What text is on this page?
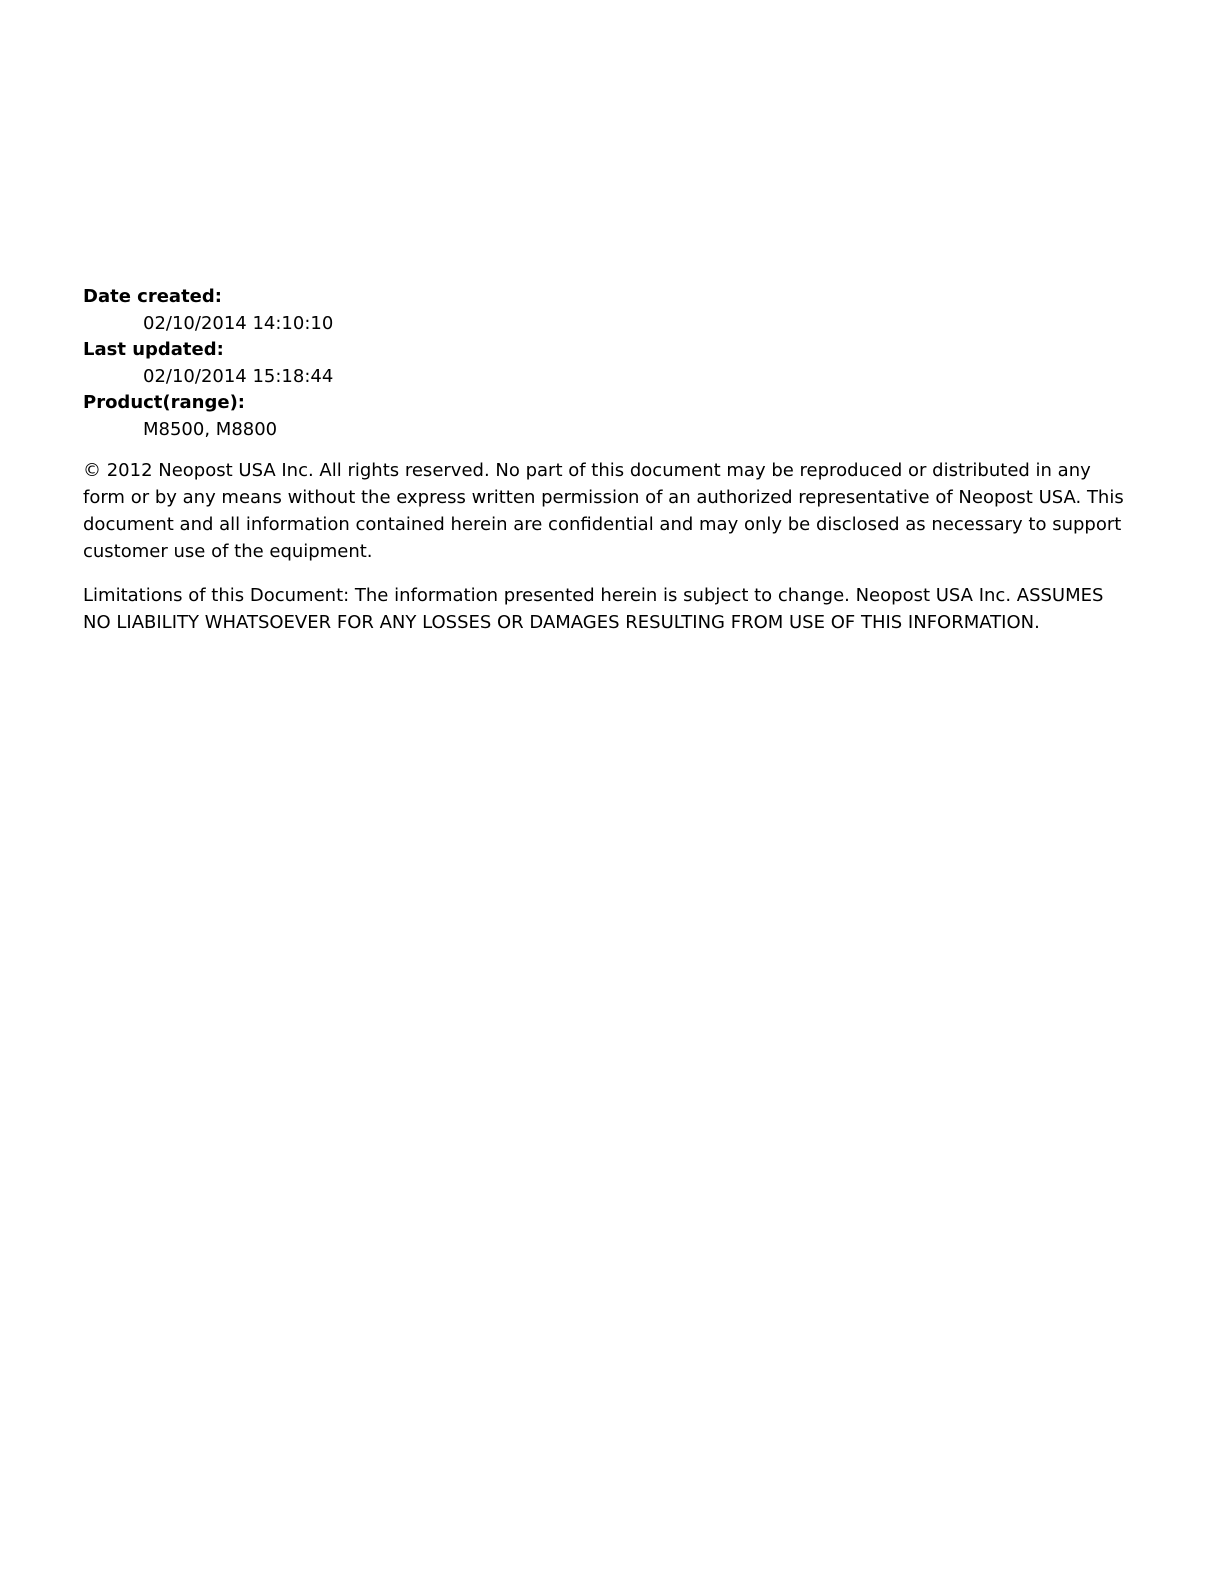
Date created:

02/10/2014 14:10:10

Last updated:

02/10/2014 15:18:44

Product(range):

M8500, M8800

© 2012 Neopost USA Inc. All rights reserved. No part of this document may be reproduced or distributed in any form or by any means without the express written permission of an authorized representative of Neopost USA. This document and all information contained herein are confidential and may only be disclosed as necessary to support customer use of the equipment.

Limitations of this Document: The information presented herein is subject to change. Neopost USA Inc. ASSUMES NO LIABILITY WHATSOEVER FOR ANY LOSSES OR DAMAGES RESULTING FROM USE OF THIS INFORMATION.
